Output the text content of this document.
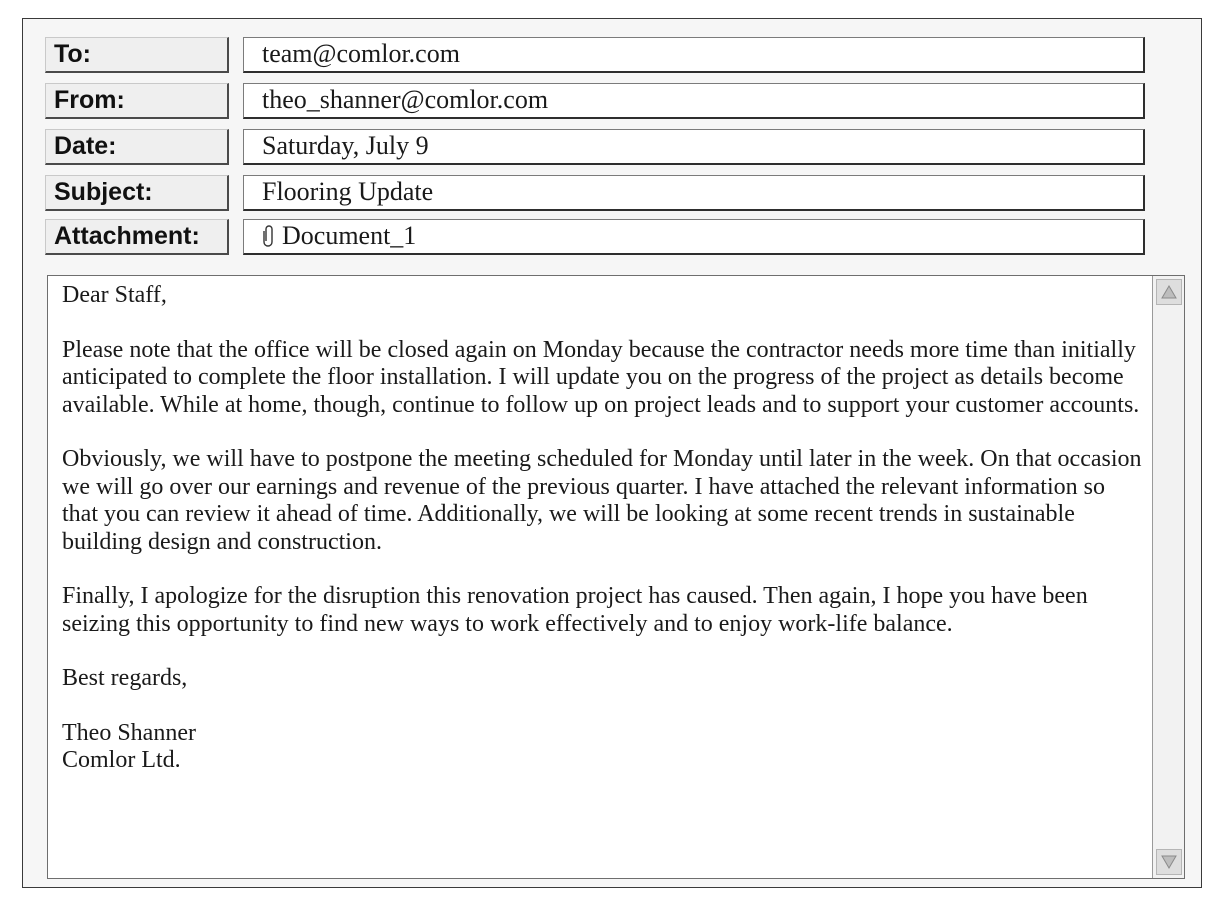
To:	team@comlor.com
From:	theo_shanner@comlor.com
Date:	Saturday, July 9
Subject:	Flooring Update
Attachment:	Document_1

Dear Staff,

Please note that the office will be closed again on Monday because the contractor needs more time than initially anticipated to complete the floor installation. I will update you on the progress of the project as details become available. While at home, though, continue to follow up on project leads and to support your customer accounts.

Obviously, we will have to postpone the meeting scheduled for Monday until later in the week. On that occasion we will go over our earnings and revenue of the previous quarter. I have attached the relevant information so that you can review it ahead of time. Additionally, we will be looking at some recent trends in sustainable building design and construction.

Finally, I apologize for the disruption this renovation project has caused. Then again, I hope you have been seizing this opportunity to find new ways to work effectively and to enjoy work-life balance.

Best regards,

Theo Shanner

Comlor Ltd.
